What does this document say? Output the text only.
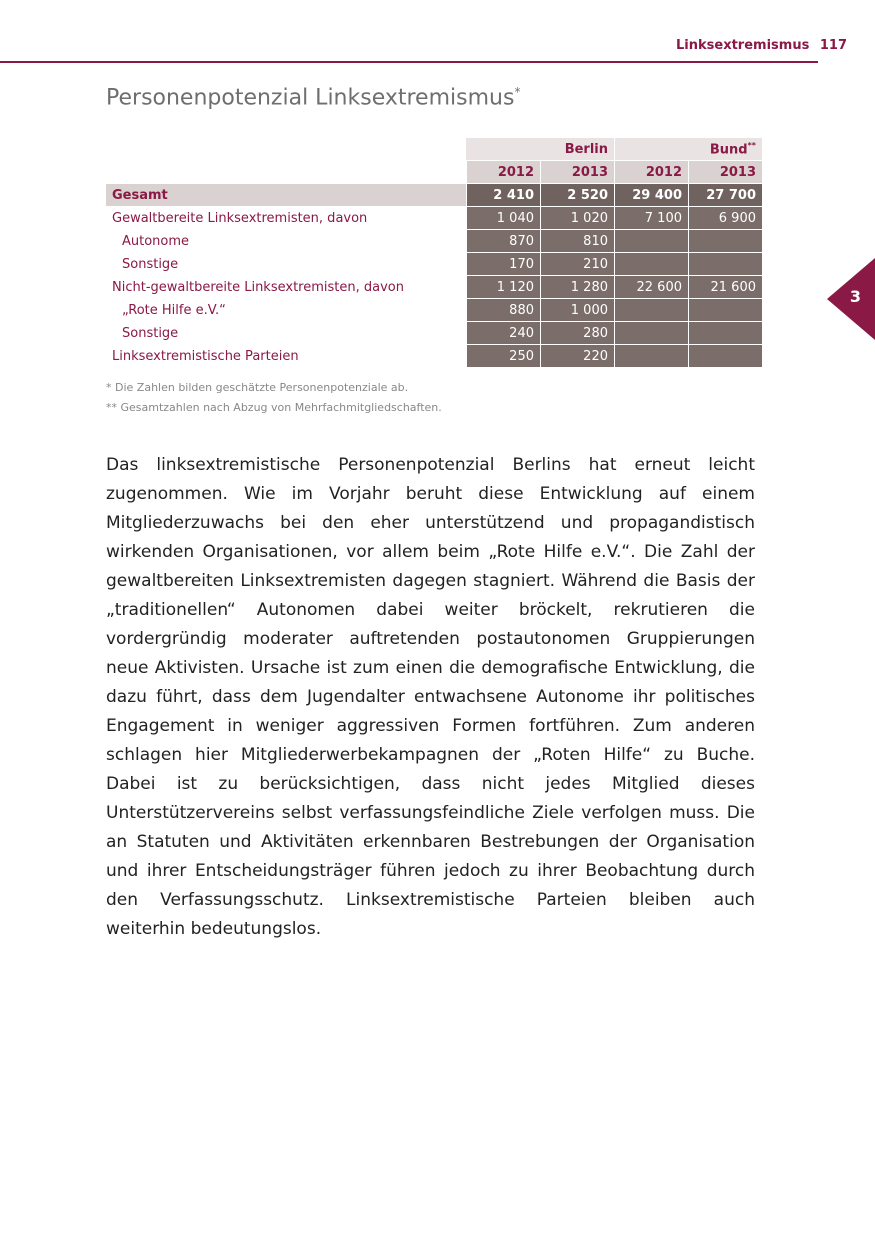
Linksextremismus 117
Personenpotenzial Linksextremismus*
3
		Berlin		Bund**
	2012	2013	2012	2013
Gesamt	2 410	2 520	29 400	27 700
Gewaltbereite Linksextremisten, davon	1 040	1 020	7 100	6 900
Autonome	870	810		
Sonstige	170	210		
Nicht-gewaltbereite Linksextremisten, davon	1 120	1 280	22 600	21 600
„Rote Hilfe e.V.“	880	1 000		
Sonstige	240	280		
Linksextremistische Parteien	250	220		
* Die Zahlen bilden geschätzte Personenpotenziale ab.
** Gesamtzahlen nach Abzug von Mehrfachmitgliedschaften.
Das linksextremistische Personenpotenzial Berlins hat erneut leicht zugenommen. Wie im Vorjahr beruht diese Entwicklung auf einem Mitgliederzuwachs bei den eher unterstützend und propagandistisch wirkenden Organisationen, vor allem beim „Rote Hilfe e.V.“. Die Zahl der gewaltbereiten Linksextremisten dagegen stagniert. Während die Basis der „traditionellen“ Autonomen dabei weiter bröckelt, rekrutieren die vordergründig moderater auftretenden postautonomen Gruppierungen neue Aktivisten. Ursache ist zum einen die demografische Entwicklung, die dazu führt, dass dem Jugendalter entwachsene Autonome ihr politisches Engagement in weniger aggressiven Formen fortführen. Zum anderen schlagen hier Mitgliederwerbekampagnen der „Roten Hilfe“ zu Buche. Dabei ist zu berücksichtigen, dass nicht jedes Mitglied dieses Unterstützervereins selbst verfassungsfeindliche Ziele verfolgen muss. Die an Statuten und Aktivitäten erkennbaren Bestrebungen der Organisation und ihrer Entscheidungsträger führen jedoch zu ihrer Beobachtung durch den Verfassungsschutz. Linksextremistische Parteien bleiben auch weiterhin bedeutungslos.
